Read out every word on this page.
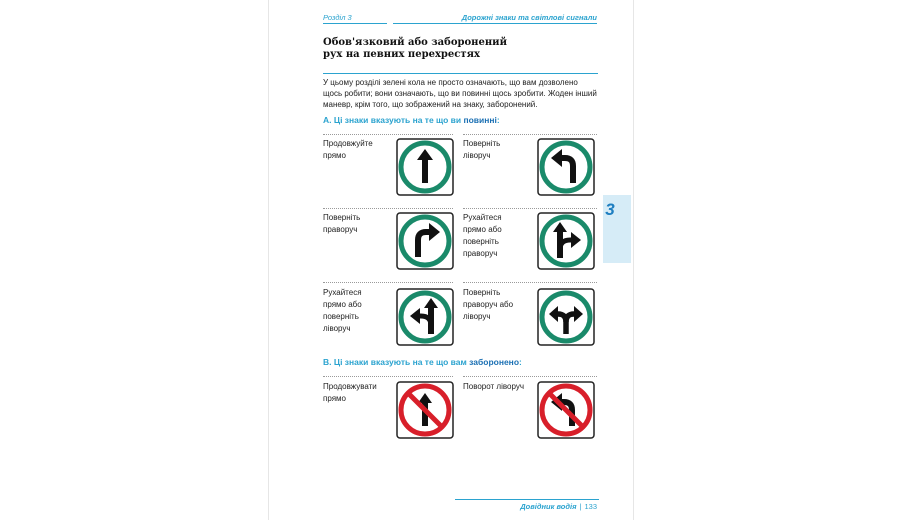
Розділ 3	Дорожні знаки та світлові сигнали
Обов'язковий або заборонений рух на певних перехрестях
У цьому розділі зелені кола не просто означають, що вам дозволено щось робити; вони означають, що ви повинні щось зробити. Жоден інший маневр, крім того, що зображений на знаку, заборонений.
A. Ці знаки вказують на те що ви повинні:
Продовжуйте прямо
Поверніть ліворуч
Поверніть праворуч
Рухайтеся прямо або поверніть праворуч
Рухайтеся прямо або поверніть ліворуч
Поверніть праворуч або ліворуч
B. Ці знаки вказують на те що вам заборонено:
Продовжувати прямо
Поворот ліворуч
3
Довідник водія | 133
